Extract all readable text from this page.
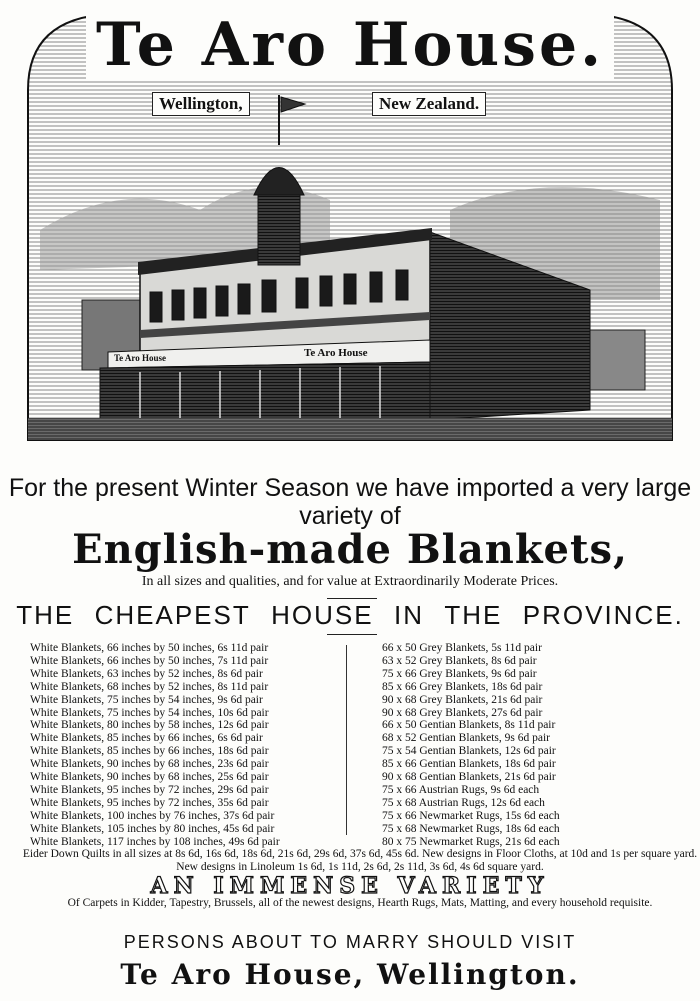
Te Aro House.
Wellington,	New Zealand.
Te Aro House
Te Aro House
For the present Winter Season we have imported a very large variety of
English-made Blankets,
In all sizes and qualities, and for value at Extraordinarily Moderate Prices.
THE CHEAPEST HOUSE IN THE PROVINCE.
White Blankets, 66 inches by 50 inches, 6s 11d pair
White Blankets, 66 inches by 50 inches, 7s 11d pair
White Blankets, 63 inches by 52 inches, 8s 6d pair
White Blankets, 68 inches by 52 inches, 8s 11d pair
White Blankets, 75 inches by 54 inches, 9s 6d pair
White Blankets, 75 inches by 54 inches, 10s 6d pair
White Blankets, 80 inches by 58 inches, 12s 6d pair
White Blankets, 85 inches by 66 inches, 6s 6d pair
White Blankets, 85 inches by 66 inches, 18s 6d pair
White Blankets, 90 inches by 68 inches, 23s 6d pair
White Blankets, 90 inches by 68 inches, 25s 6d pair
White Blankets, 95 inches by 72 inches, 29s 6d pair
White Blankets, 95 inches by 72 inches, 35s 6d pair
White Blankets, 100 inches by 76 inches, 37s 6d pair
White Blankets, 105 inches by 80 inches, 45s 6d pair
White Blankets, 117 inches by 108 inches, 49s 6d pair
66 x 50 Grey Blankets, 5s 11d pair
63 x 52 Grey Blankets, 8s 6d pair
75 x 66 Grey Blankets, 9s 6d pair
85 x 66 Grey Blankets, 18s 6d pair
90 x 68 Grey Blankets, 21s 6d pair
90 x 68 Grey Blankets, 27s 6d pair
66 x 50 Gentian Blankets, 8s 11d pair
68 x 52 Gentian Blankets, 9s 6d pair
75 x 54 Gentian Blankets, 12s 6d pair
85 x 66 Gentian Blankets, 18s 6d pair
90 x 68 Gentian Blankets, 21s 6d pair
75 x 66 Austrian Rugs, 9s 6d each
75 x 68 Austrian Rugs, 12s 6d each
75 x 66 Newmarket Rugs, 15s 6d each
75 x 68 Newmarket Rugs, 18s 6d each
80 x 75 Newmarket Rugs, 21s 6d each
Eider Down Quilts in all sizes at 8s 6d, 16s 6d, 18s 6d, 21s 6d, 29s 6d, 37s 6d, 45s 6d. New designs in Floor Cloths, at 10d and 1s per square yard. New designs in Linoleum 1s 6d, 1s 11d, 2s 6d, 2s 11d, 3s 6d, 4s 6d square yard.
AN IMMENSE VARIETY
Of Carpets in Kidder, Tapestry, Brussels, all of the newest designs, Hearth Rugs, Mats, Matting, and every household requisite.
PERSONS ABOUT TO MARRY SHOULD VISIT
Te Aro House, Wellington.
